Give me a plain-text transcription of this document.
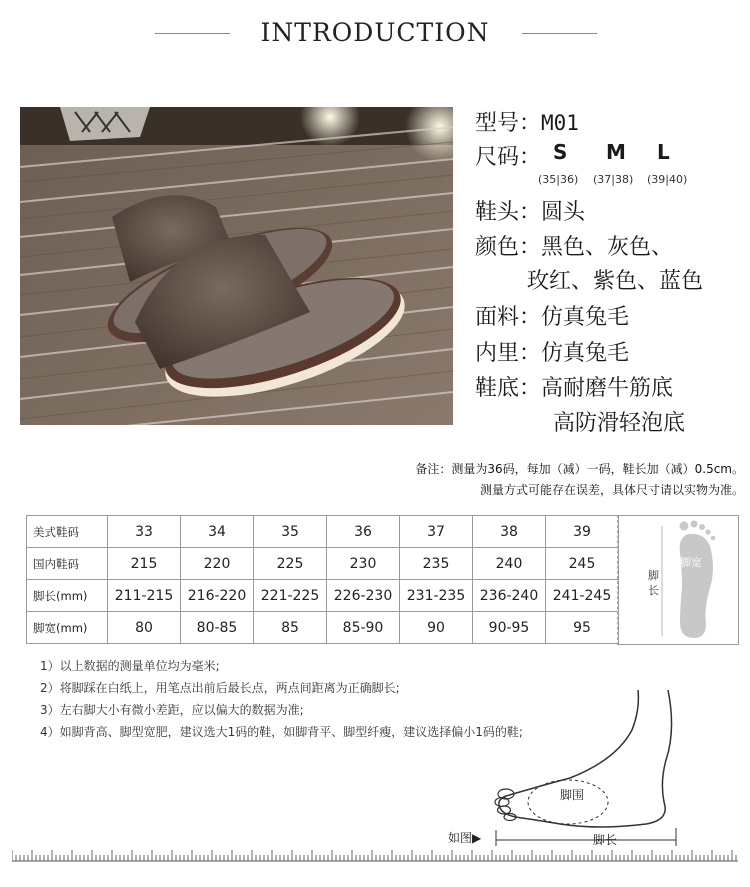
INTRODUCTION
型号：M01
尺码： S M L
(35|36) (37|38) (39|40)
鞋头：圆头
颜色：黑色、灰色、
玫红、紫色、蓝色
面料：仿真兔毛
内里：仿真兔毛
鞋底：高耐磨牛筋底
高防滑轻泡底
备注：测量为36码，每加（减）一码，鞋长加（减）0.5cm。
测量方式可能存在误差，具体尺寸请以实物为准。
美式鞋码	33	34	35	36	37	38	39
国内鞋码	215	220	225	230	235	240	245
脚长(mm)	211-215	216-220	221-225	226-230	231-235	236-240	241-245
脚宽(mm)	80	80-85	85	85-90	90	90-95	95
脚长
脚宽
1）以上数据的测量单位均为毫米;
2）将脚踩在白纸上，用笔点出前后最长点，两点间距离为正确脚长;
3）左右脚大小有微小差距，应以偏大的数据为准;
4）如脚背高、脚型宽肥，建议选大1码的鞋，如脚背平、脚型纤瘦，建议选择偏小1码的鞋;
脚围
脚长
如图▶
